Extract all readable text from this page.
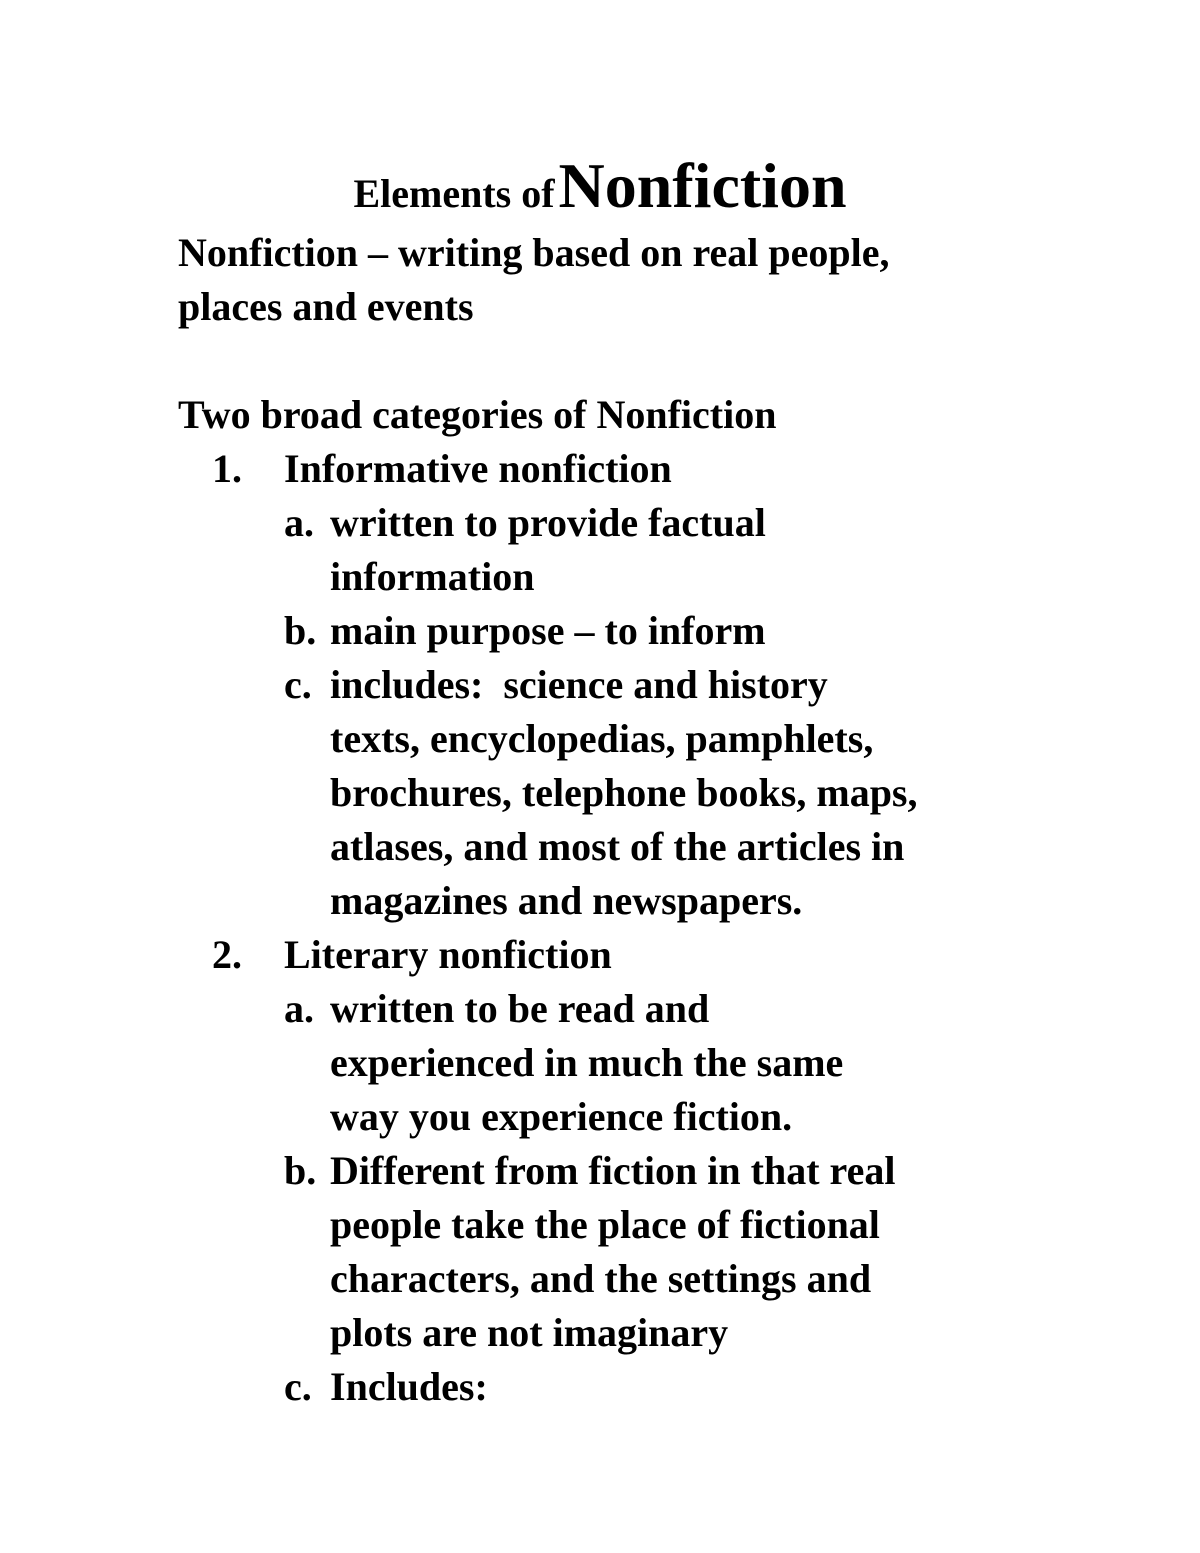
Elements of Nonfiction
Nonfiction – writing based on real people,
places and events
Two broad categories of Nonfiction
1. Informative nonfiction
a. written to provide factual
information
b. main purpose – to inform
c. includes:  science and history
texts, encyclopedias, pamphlets,
brochures, telephone books, maps,
atlases, and most of the articles in
magazines and newspapers.
2. Literary nonfiction
a. written to be read and
experienced in much the same
way you experience fiction.
b. Different from fiction in that real
people take the place of fictional
characters, and the settings and
plots are not imaginary
c. Includes:
